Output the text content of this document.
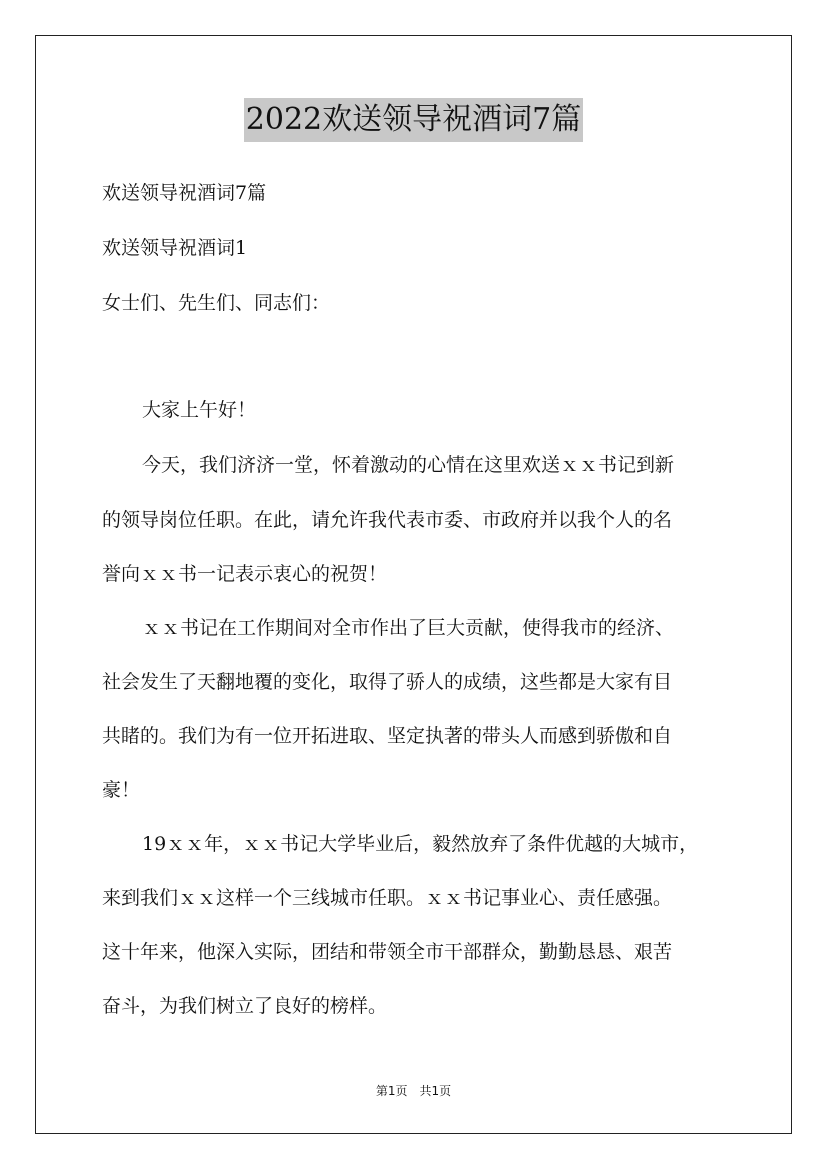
2022欢送领导祝酒词7篇
欢送领导祝酒词7篇
欢送领导祝酒词1
女士们、先生们、同志们：
大家上午好！
今天，我们济济一堂，怀着激动的心情在这里欢送ｘｘ书记到新
的领导岗位任职。在此，请允许我代表市委、市政府并以我个人的名
誉向ｘｘ书一记表示衷心的祝贺！
ｘｘ书记在工作期间对全市作出了巨大贡献，使得我市的经济、
社会发生了天翻地覆的变化，取得了骄人的成绩，这些都是大家有目
共睹的。我们为有一位开拓进取、坚定执著的带头人而感到骄傲和自
豪！
19ｘｘ年，ｘｘ书记大学毕业后，毅然放弃了条件优越的大城市，
来到我们ｘｘ这样一个三线城市任职。ｘｘ书记事业心、责任感强。
这十年来，他深入实际，团结和带领全市干部群众，勤勤恳恳、艰苦
奋斗，为我们树立了良好的榜样。
第1页　共1页
